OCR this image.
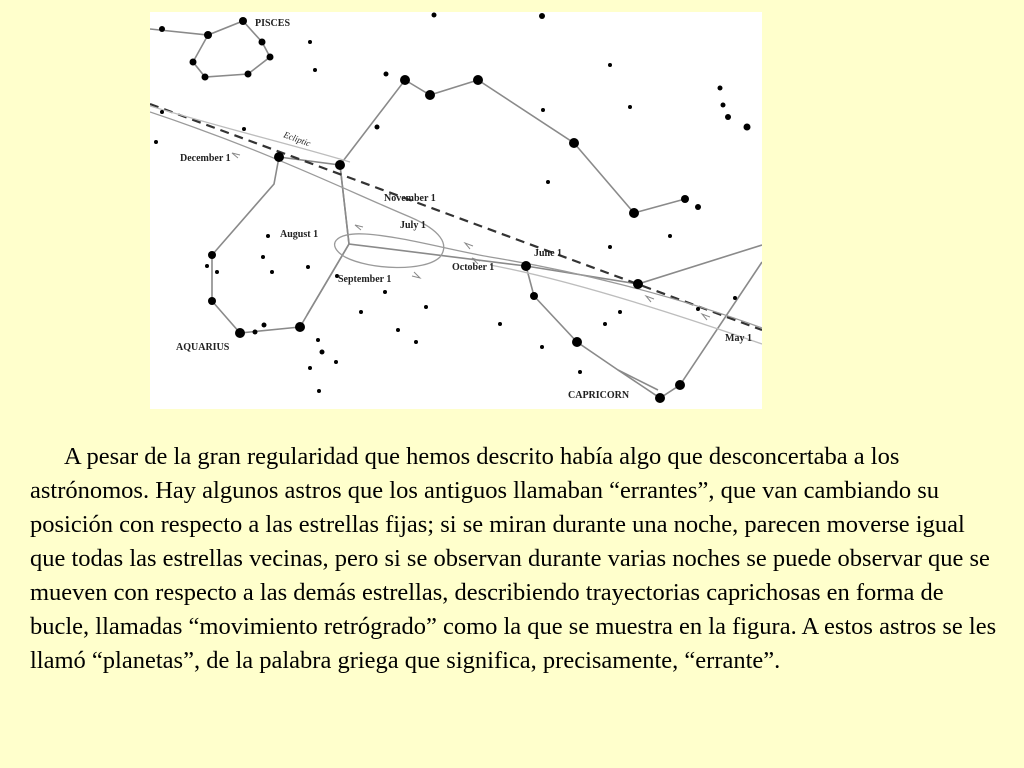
PISCES
AQUARIUS
CAPRICORN
Ecliptic
December 1
November 1
July 1
August 1
October 1
June 1
September 1
May 1

A pesar de la gran regularidad que hemos descrito había algo que desconcertaba a los astrónomos. Hay algunos astros que los antiguos llamaban “errantes”, que van cambiando su posición con respecto a las estrellas fijas; si se miran durante una noche, parecen moverse igual que todas las estrellas vecinas, pero si se observan durante varias noches se puede observar que se mueven con respecto a las demás estrellas, describiendo trayectorias caprichosas en forma de bucle, llamadas “movimiento retrógrado” como la que se muestra en la figura. A estos astros se les llamó “planetas”, de la palabra griega que significa, precisamente, “errante”.
